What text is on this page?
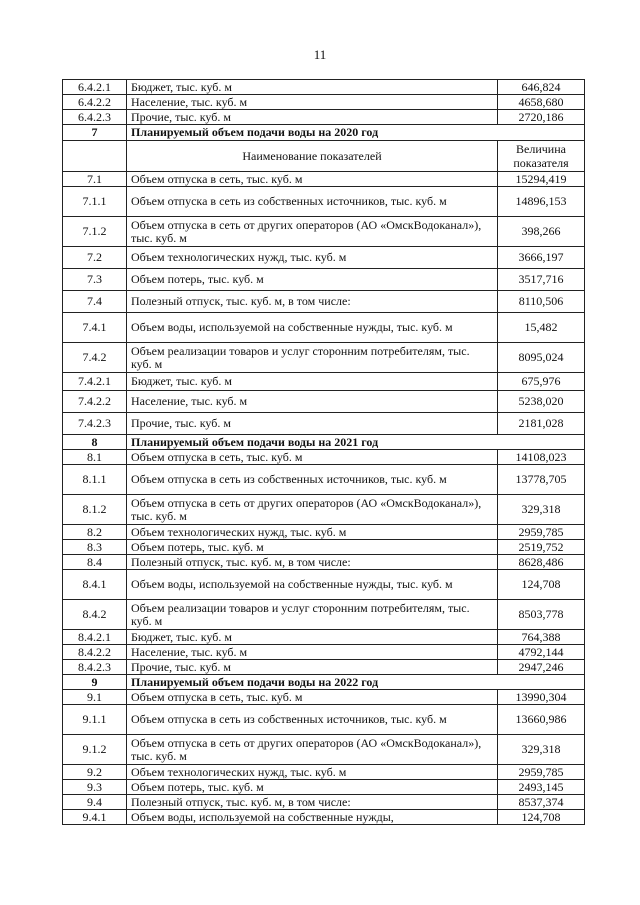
11
6.4.2.1	Бюджет, тыс. куб. м	646,824
6.4.2.2	Население, тыс. куб. м	4658,680
6.4.2.3	Прочие, тыс. куб. м	2720,186
7	Планируемый объем подачи воды на 2020 год	
	Наименование показателей	Величина показателя
7.1	Объем отпуска в сеть, тыс. куб. м	15294,419
7.1.1	Объем отпуска в сеть из собственных источников, тыс. куб. м	14896,153
7.1.2	Объем отпуска в сеть от других операторов (АО «ОмскВодоканал»), тыс. куб. м	398,266
7.2	Объем технологических нужд, тыс. куб. м	3666,197
7.3	Объем потерь, тыс. куб. м	3517,716
7.4	Полезный отпуск, тыс. куб. м, в том числе:	8110,506
7.4.1	Объем воды, используемой на собственные нужды, тыс. куб. м	15,482
7.4.2	Объем реализации товаров и услуг сторонним потребителям, тыс. куб. м	8095,024
7.4.2.1	Бюджет, тыс. куб. м	675,976
7.4.2.2	Население, тыс. куб. м	5238,020
7.4.2.3	Прочие, тыс. куб. м	2181,028
8	Планируемый объем подачи воды на 2021 год	
8.1	Объем отпуска в сеть, тыс. куб. м	14108,023
8.1.1	Объем отпуска в сеть из собственных источников, тыс. куб. м	13778,705
8.1.2	Объем отпуска в сеть от других операторов (АО «ОмскВодоканал»), тыс. куб. м	329,318
8.2	Объем технологических нужд, тыс. куб. м	2959,785
8.3	Объем потерь, тыс. куб. м	2519,752
8.4	Полезный отпуск, тыс. куб. м, в том числе:	8628,486
8.4.1	Объем воды, используемой на собственные нужды, тыс. куб. м	124,708
8.4.2	Объем реализации товаров и услуг сторонним потребителям, тыс. куб. м	8503,778
8.4.2.1	Бюджет, тыс. куб. м	764,388
8.4.2.2	Население, тыс. куб. м	4792,144
8.4.2.3	Прочие, тыс. куб. м	2947,246
9	Планируемый объем подачи воды на 2022 год	
9.1	Объем отпуска в сеть, тыс. куб. м	13990,304
9.1.1	Объем отпуска в сеть из собственных источников, тыс. куб. м	13660,986
9.1.2	Объем отпуска в сеть от других операторов (АО «ОмскВодоканал»), тыс. куб. м	329,318
9.2	Объем технологических нужд, тыс. куб. м	2959,785
9.3	Объем потерь, тыс. куб. м	2493,145
9.4	Полезный отпуск, тыс. куб. м, в том числе:	8537,374
9.4.1	Объем воды, используемой на собственные нужды,	124,708
